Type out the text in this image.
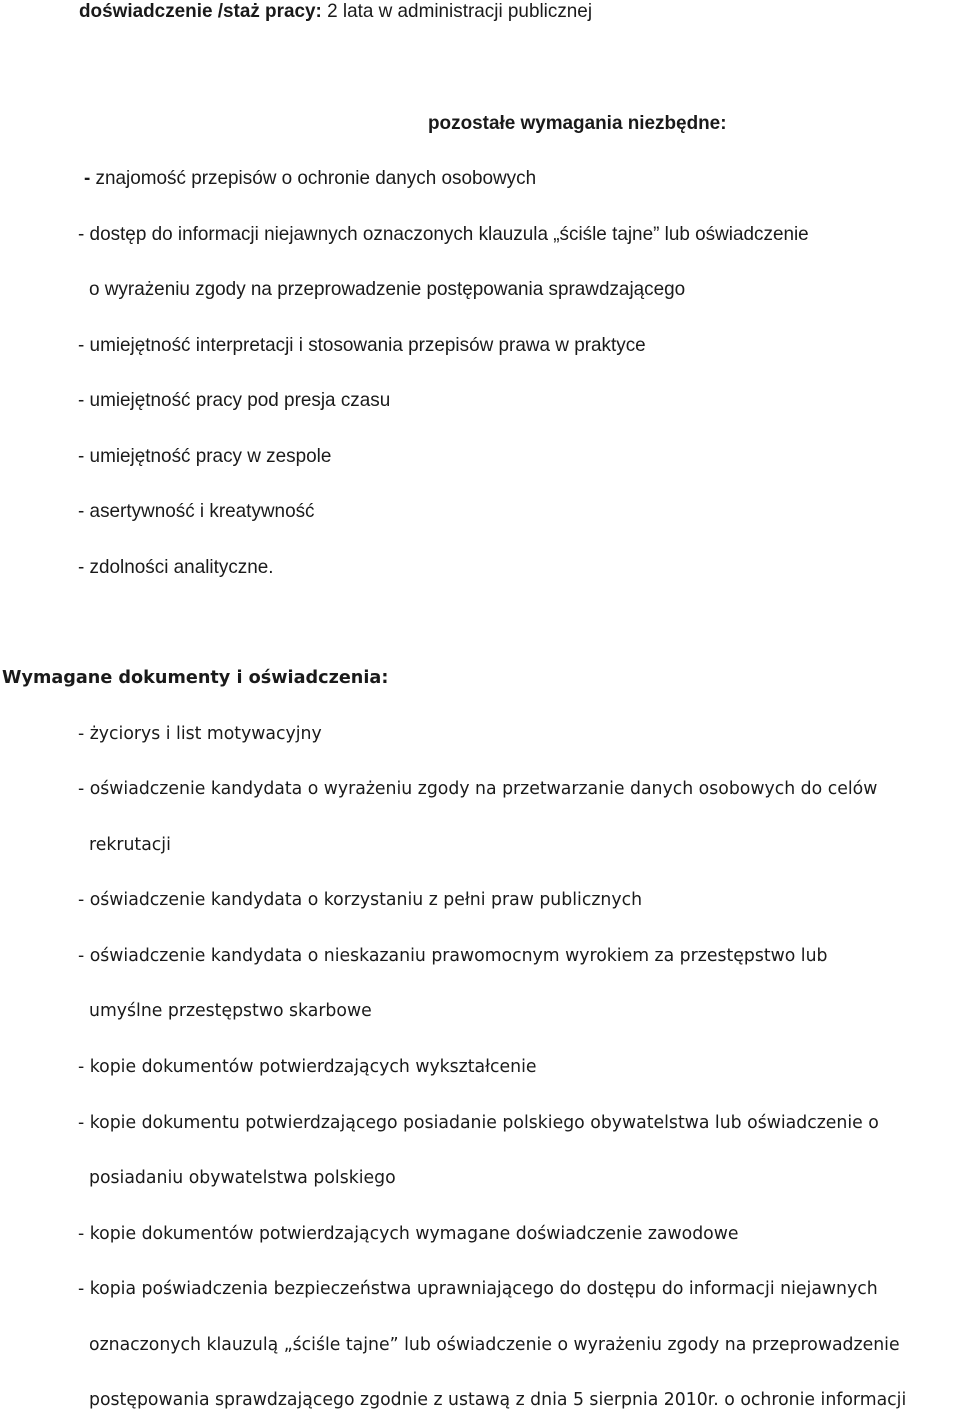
doświadczenie /staż pracy: 2 lata w administracji publicznej
pozostałe wymagania niezbędne:
- znajomość przepisów o ochronie danych osobowych
- dostęp do informacji niejawnych oznaczonych klauzula „ściśle tajne” lub oświadczenie
o wyrażeniu zgody na przeprowadzenie postępowania sprawdzającego
- umiejętność interpretacji i stosowania przepisów prawa w praktyce
- umiejętność pracy pod presja czasu
- umiejętność pracy w zespole
- asertywność i kreatywność
- zdolności analityczne.
Wymagane dokumenty i oświadczenia:
- życiorys i list motywacyjny
- oświadczenie kandydata o wyrażeniu zgody na przetwarzanie danych osobowych do celów
rekrutacji
- oświadczenie kandydata o korzystaniu z pełni praw publicznych
- oświadczenie kandydata o nieskazaniu prawomocnym wyrokiem za przestępstwo lub
umyślne przestępstwo skarbowe
- kopie dokumentów potwierdzających wykształcenie
- kopie dokumentu potwierdzającego posiadanie polskiego obywatelstwa lub oświadczenie o
posiadaniu obywatelstwa polskiego
- kopie dokumentów potwierdzających wymagane doświadczenie zawodowe
- kopia poświadczenia bezpieczeństwa uprawniającego do dostępu do informacji niejawnych
oznaczonych klauzulą „ściśle tajne” lub oświadczenie o wyrażeniu zgody na przeprowadzenie
postępowania sprawdzającego zgodnie z ustawą z dnia 5 sierpnia 2010r. o ochronie informacji
